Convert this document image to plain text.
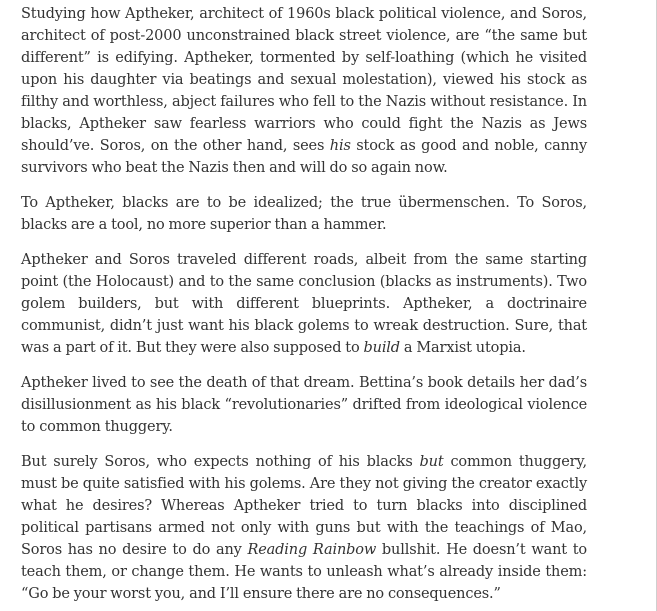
Studying how Aptheker, architect of 1960s black political violence, and Soros, architect of post-2000 unconstrained black street violence, are “the same but different” is edifying. Aptheker, tormented by self-loathing (which he visited upon his daughter via beatings and sexual molestation), viewed his stock as filthy and worthless, abject failures who fell to the Nazis without resistance. In blacks, Aptheker saw fearless warriors who could fight the Nazis as Jews should’ve. Soros, on the other hand, sees his stock as good and noble, canny survivors who beat the Nazis then and will do so again now.

To Aptheker, blacks are to be idealized; the true übermenschen. To Soros, blacks are a tool, no more superior than a hammer.

Aptheker and Soros traveled different roads, albeit from the same starting point (the Holocaust) and to the same conclusion (blacks as instruments). Two golem builders, but with different blueprints. Aptheker, a doctrinaire communist, didn’t just want his black golems to wreak destruction. Sure, that was a part of it. But they were also supposed to build a Marxist utopia.

Aptheker lived to see the death of that dream. Bettina’s book details her dad’s disillusionment as his black “revolutionaries” drifted from ideological violence to common thuggery.

But surely Soros, who expects nothing of his blacks but common thuggery, must be quite satisfied with his golems. Are they not giving the creator exactly what he desires? Whereas Aptheker tried to turn blacks into disciplined political partisans armed not only with guns but with the teachings of Mao, Soros has no desire to do any Reading Rainbow bullshit. He doesn’t want to teach them, or change them. He wants to unleash what’s already inside them: “Go be your worst you, and I’ll ensure there are no consequences.”
